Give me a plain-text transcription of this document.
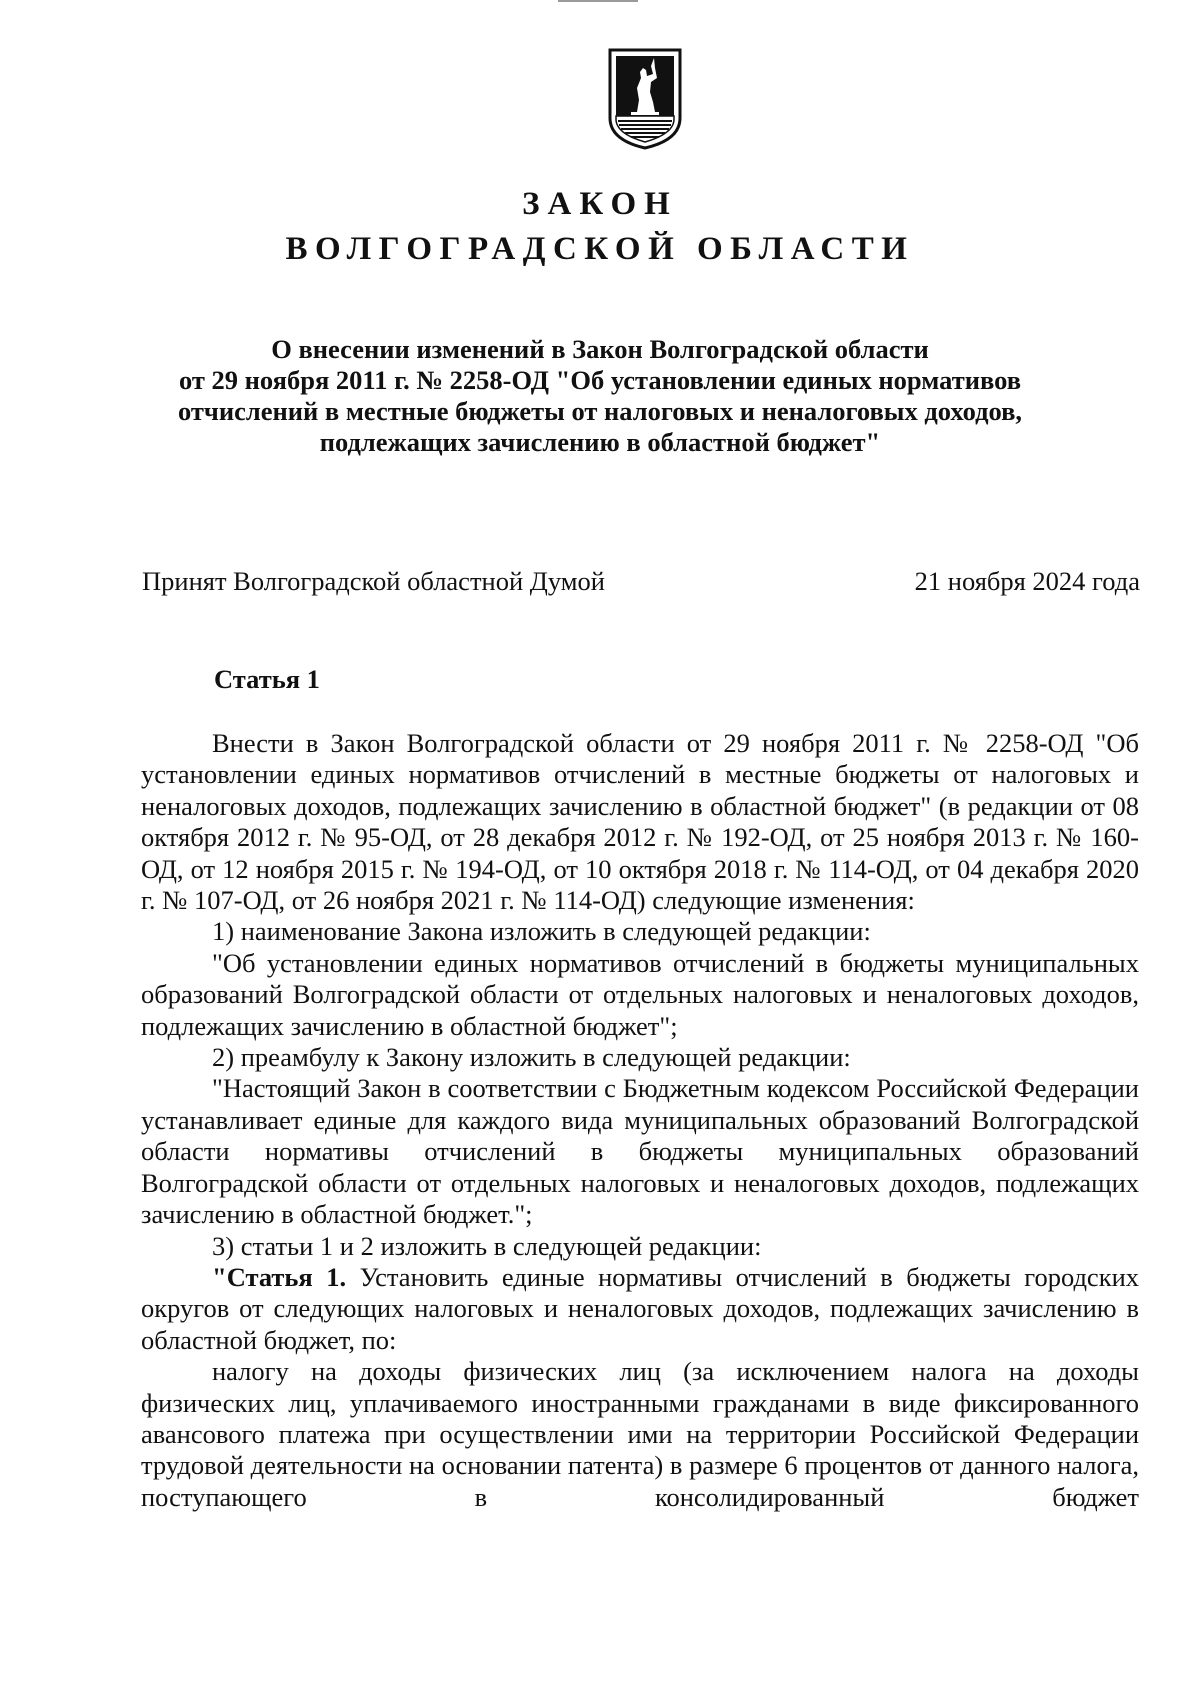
ЗАКОН
ВОЛГОГРАДСКОЙ ОБЛАСТИ
О внесении изменений в Закон Волгоградской области
от 29 ноября 2011 г. № 2258-ОД "Об установлении единых нормативов
отчислений в местные бюджеты от налоговых и неналоговых доходов,
подлежащих зачислению в областной бюджет"
Принят Волгоградской областной Думой	21 ноября 2024 года
Статья 1

Внести в Закон Волгоградской области от 29 ноября 2011 г. № 2258-ОД "Об установлении единых нормативов отчислений в местные бюджеты от налоговых и неналоговых доходов, подлежащих зачислению в областной бюджет" (в редакции от 08 октября 2012 г. № 95-ОД, от 28 декабря 2012 г. № 192-ОД, от 25 ноября 2013 г. № 160-ОД, от 12 ноября 2015 г. № 194-ОД, от 10 октября 2018 г. № 114-ОД, от 04 декабря 2020 г. № 107-ОД, от 26 ноября 2021 г. № 114-ОД) следующие изменения:

1) наименование Закона изложить в следующей редакции:

"Об установлении единых нормативов отчислений в бюджеты муниципальных образований Волгоградской области от отдельных налоговых и неналоговых доходов, подлежащих зачислению в областной бюджет";

2) преамбулу к Закону изложить в следующей редакции:

"Настоящий Закон в соответствии с Бюджетным кодексом Российской Федерации устанавливает единые для каждого вида муниципальных образований Волгоградской области нормативы отчислений в бюджеты муниципальных образований Волгоградской области от отдельных налоговых и неналоговых доходов, подлежащих зачислению в областной бюджет.";

3) статьи 1 и 2 изложить в следующей редакции:

"Статья 1. Установить единые нормативы отчислений в бюджеты городских округов от следующих налоговых и неналоговых доходов, подлежащих зачислению в областной бюджет, по:

налогу на доходы физических лиц (за исключением налога на доходы физических лиц, уплачиваемого иностранными гражданами в виде фиксированного авансового платежа при осуществлении ими на территории Российской Федерации трудовой деятельности на основании патента) в размере 6 процентов от данного налога, поступающего в консолидированный бюджет
